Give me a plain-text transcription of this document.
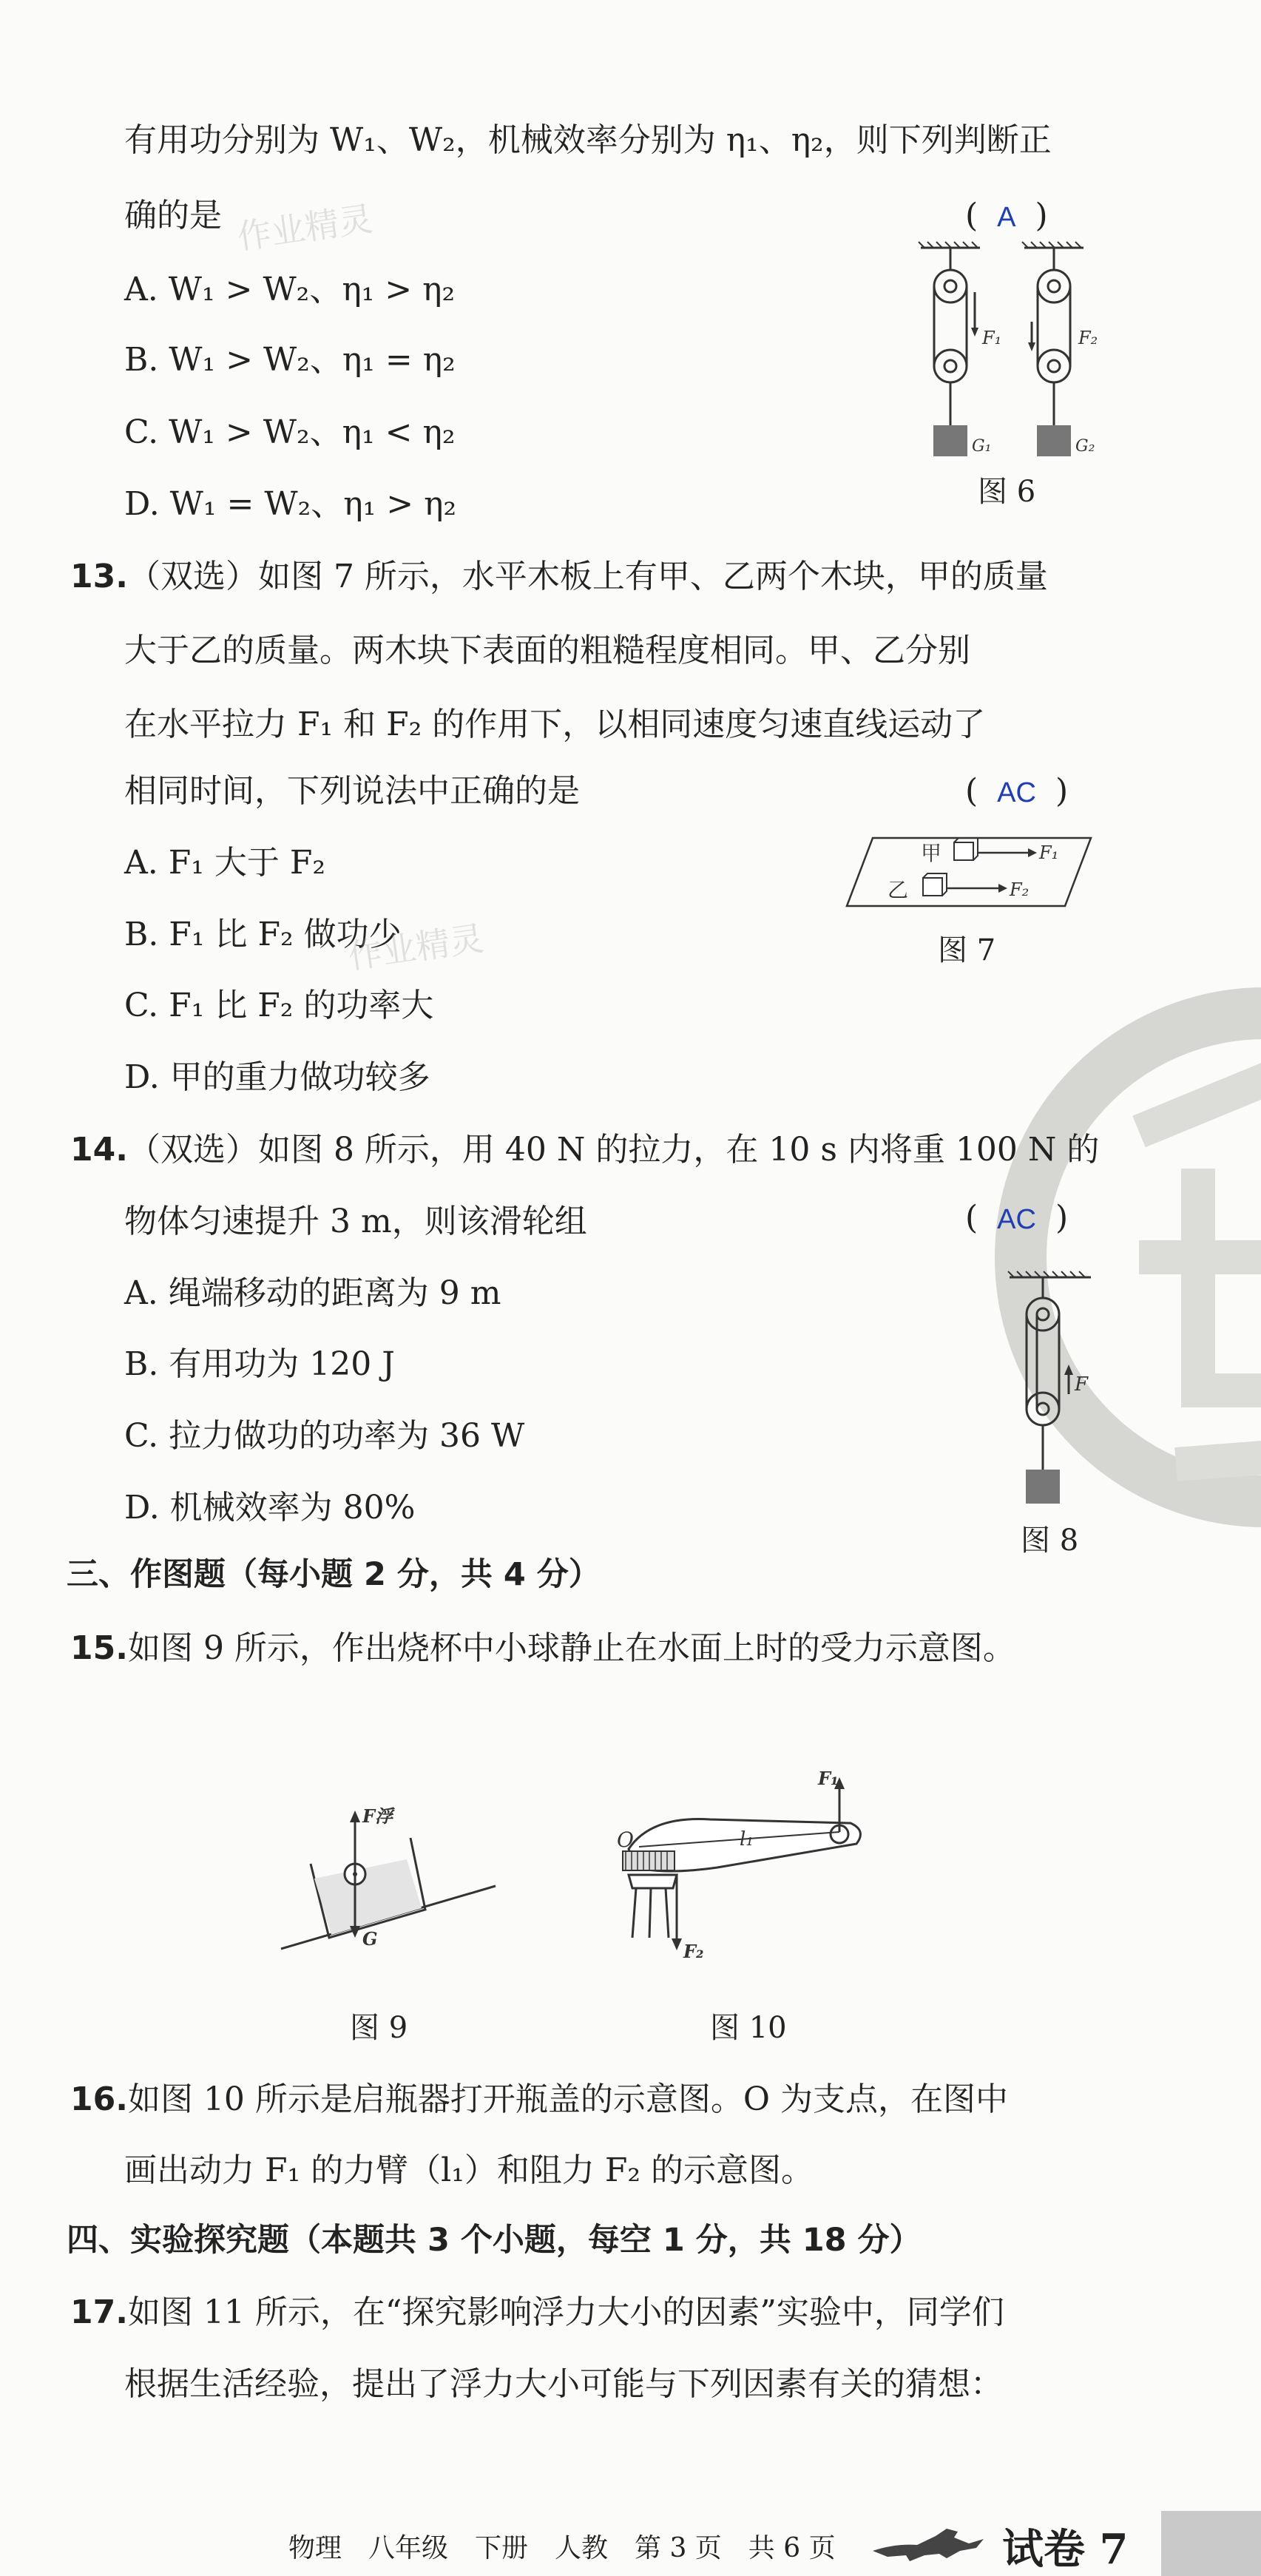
有用功分别为 W₁、W₂，机械效率分别为 η₁、η₂，则下列判断正
确的是 作业精灵	( A )
A. W₁ > W₂、η₁ > η₂
B. W₁ > W₂、η₁ = η₂
C. W₁ > W₂、η₁ < η₂
D. W₁ = W₂、η₁ > η₂
F₁	F₂
G₁	G₂
图 6
13.（双选）如图 7 所示，水平木板上有甲、乙两个木块，甲的质量
大于乙的质量。两木块下表面的粗糙程度相同。甲、乙分别
在水平拉力 F₁ 和 F₂ 的作用下，以相同速度匀速直线运动了
相同时间，下列说法中正确的是	( AC )
A. F₁ 大于 F₂
B. F₁ 比 F₂ 做功少
作业精灵
C. F₁ 比 F₂ 的功率大
D. 甲的重力做功较多
甲
乙
F₁
F₂
图 7
14.（双选）如图 8 所示，用 40 N 的拉力，在 10 s 内将重 100 N 的
物体匀速提升 3 m，则该滑轮组	( AC )
A. 绳端移动的距离为 9 m
B. 有用功为 120 J
C. 拉力做功的功率为 36 W
D. 机械效率为 80%
F
图 8
三、作图题（每小题 2 分，共 4 分）
15.如图 9 所示，作出烧杯中小球静止在水面上时的受力示意图。
F浮
G
图 9
F₁
O	l₁
F₂
图 10
16.如图 10 所示是启瓶器打开瓶盖的示意图。O 为支点，在图中
画出动力 F₁ 的力臂（l₁）和阻力 F₂ 的示意图。
四、实验探究题（本题共 3 个小题，每空 1 分，共 18 分）
17.如图 11 所示，在“探究影响浮力大小的因素”实验中，同学们
根据生活经验，提出了浮力大小可能与下列因素有关的猜想：
物理　八年级　下册　人教　第 3 页　共 6 页	试卷 7
